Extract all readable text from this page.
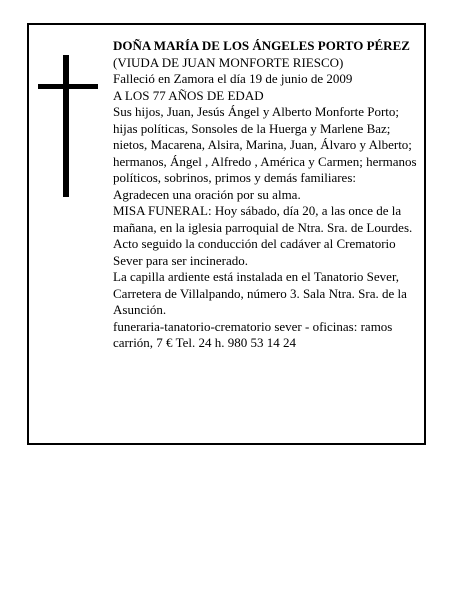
DOÑA MARÍA DE LOS ÁNGELES PORTO PÉREZ

(VIUDA DE JUAN MONFORTE RIESCO)

Falleció en Zamora el día 19 de junio de 2009

A LOS 77 AÑOS DE EDAD

Sus hijos, Juan, Jesús Ángel y Alberto Monforte Porto; hijas políticas, Sonsoles de la Huerga y Marlene Baz; nietos, Macarena, Alsira, Marina, Juan, Álvaro y Alberto; hermanos, Ángel , Alfredo , América y Carmen; hermanos políticos, sobrinos, primos y demás familiares:

Agradecen una oración por su alma.

MISA FUNERAL: Hoy sábado, día 20, a las once de la mañana, en la iglesia parroquial de Ntra. Sra. de Lourdes. Acto seguido la conducción del cadáver al Crematorio Sever para ser incinerado.

La capilla ardiente está instalada en el Tanatorio Sever, Carretera de Villalpando, número 3. Sala Ntra. Sra. de la Asunción.

funeraria-tanatorio-crematorio sever - oficinas: ramos carrión, 7 € Tel. 24 h. 980 53 14 24
